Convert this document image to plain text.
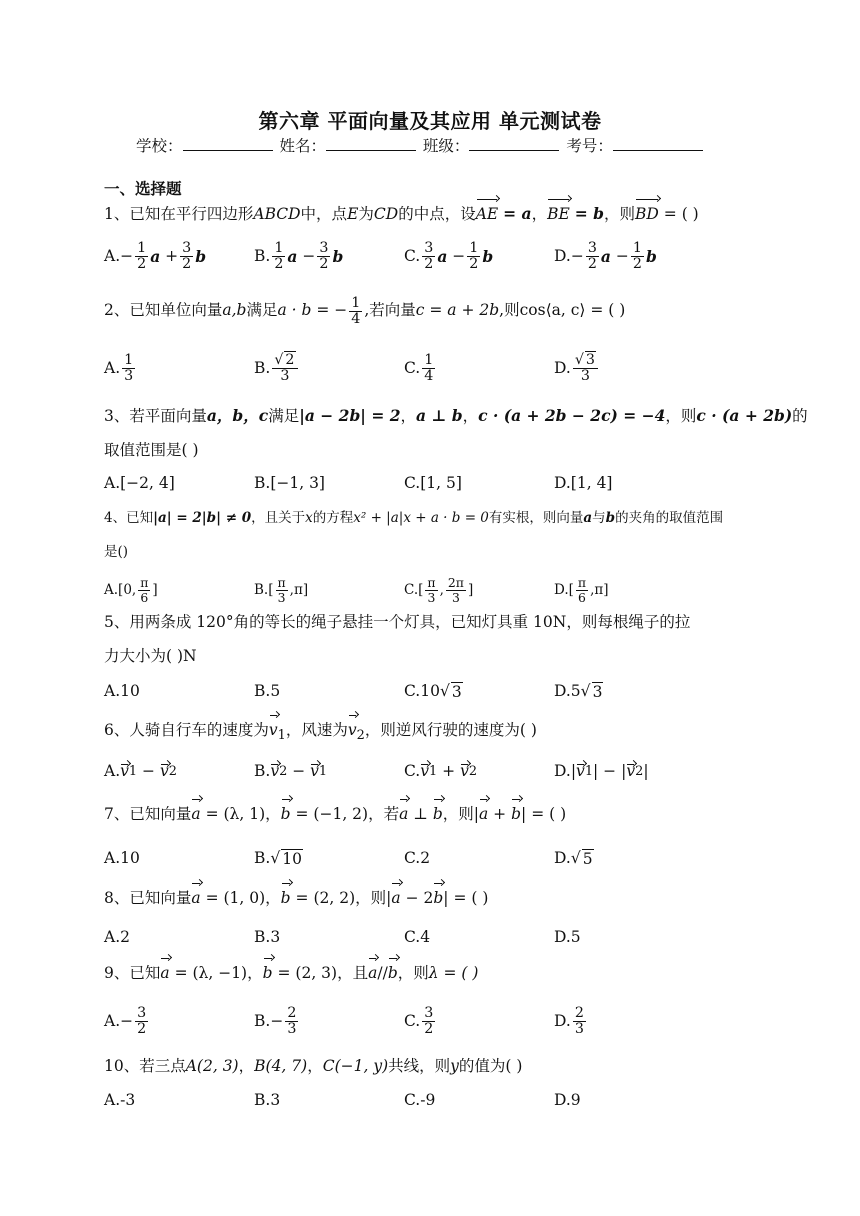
第六章 平面向量及其应用 单元测试卷
学校：	姓名：	班级：	考号：
一、选择题
1、已知在平行四边形ABCD中，点E为CD的中点，设AE = a，BE = b，则BD = ( )
A. − $\frac{1}{2}$ $a + \frac{3}{2}$ b	B. $\frac{1}{2}$ $a - \frac{3}{2}$ b	C. $\frac{3}{2}$ $a - \frac{1}{2}$ b	D. − $\frac{3}{2}$ $a - \frac{1}{2}$ b
2、已知单位向量a,b满足a · b = − $\frac{1}{4}$ ,若向量c = a + 2b,则cos⟨a, c⟩ = ( )
A. $\frac{1}{3}$	B. $\frac{√ 2}{3}$	C. $\frac{1}{4}$	D. $\frac{√ 3}{3}$
3、若平面向量a，b，c满足|a − 2b| = 2，a ⊥ b，c · (a + 2b − 2c) = −4，则c · (a + 2b)的
取值范围是( )
A.[−2, 4]	B.[−1, 3]	C.[1, 5]	D.[1, 4]
4、已知|a| = 2|b| ≠ 0，且关于x的方程x² + |a|x + a · b = 0有实根，则向量a与b的夹角的取值范围
是()
A. [0, $\frac{\pi}{6}$ ]	B. [ $\frac{\pi}{3} ,\pi$]	C. [ $\frac{\pi}{3}$ , $\frac{2\pi}{3}$ ]	D. [ $\frac{\pi}{6} ,\pi$]
5、用两条成 120°角的等长的绳子悬挂一个灯具，已知灯具重 10N，则每根绳子的拉
力大小为( )N
A.10	B.5	C.10 √ 3	D.5 √ 3
6、人骑自行车的速度为$v_1$，风速为$v_2$，则逆风行驶的速度为( )
A. v 1 − v 2	B. v 2 − v 1	C. v 1 + v 2	D. | v 1 | − | v 2 |
7、已知向量a = (λ, 1)，b = (−1, 2)，若a ⊥ b，则|a + b| = ( )
A.10	B. √ 10	C.2	D. √ 5
8、已知向量a = (1, 0)，b = (2, 2)，则|a − 2b| = ( )
A.2	B.3	C.4	D.5
9、已知a = (λ, −1)，b = (2, 3)，且a//b，则λ = ( )
A. − $\frac{3}{2}$	B. − $\frac{2}{3}$	C. $\frac{3}{2}$	D. $\frac{2}{3}$
10、若三点A(2, 3)，B(4, 7)，C(−1, y)共线，则y的值为( )
A.-3	B.3	C.-9	D.9
